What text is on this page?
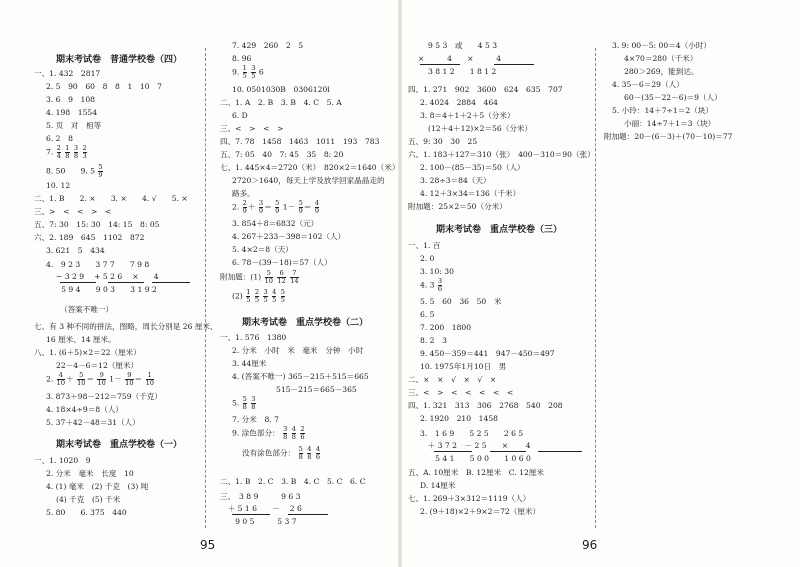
期末考试卷　普通学校卷（四）
一、1. 432　2817
2. 5　90　60　8　8　1　10　7
3. 6　9　108
4. 198　1554
5. 页　对　相等
6. 2　8
7. $\frac{2}{4}$
$\frac{1}{8}$
$\frac{3}{8}$
$\frac{2}{3}$
8. 50　　9. $5 \frac{5}{9}$
10. 12
二、1. B　　2. ×　　3. ×　　4. √　　5. ×
三、>　<　<　>　<
五、7: 30　15: 30　14: 15　8: 05
六、2. 189　645　1102　872
3. 621　5　434
4.　9 2 3　　3 7 7　　7 9 8　　
　 − 3 2 9　 + 5 2 6　 ×　　4
　　5 9 4　　9 0 3　　3 1 9 2
（答案不唯一）
七、有 3 种不同的拼法，图略，周长分别是 26 厘米、
16 厘米、14 厘米。
八、1. (6＋5)×2＝22（厘米）
22－4－6＝12（厘米）
2. $\frac{4}{10} + \frac{5}{10} = \frac{9}{10} 1- \frac{9}{10} = \frac{1}{10}$
3. 873＋98－212＝759（千克）
4. 18×4÷9＝8（人）
5. 37＋42－48＝31（人）
期末考试卷　重点学校卷（一）
一、1. 1020　9
2. 分米　毫米　长度　10
4. (1) 毫米　(2) 千克　(3) 吨
(4) 千克　(5) 千米
5. 80　　6. 375　440
7. 429　260　2　5
8. 96
9. $\frac{1}{5}$
$\frac{3}{5} 6$
10. 0501030B　0306120l
二、1. A　2. B　3. B　4. C　5. A
6. D
三、<　>　<　>
四、7. 78　1458　1463　1011　193　783
五、7: 05　40　7: 45　35　8: 20
七、1. 445×4＝2720（米）　820×2＝1640（米）
2720＞1640，每天上学及放学回家晶晶走的
路多。
2. $\frac{2}{9} + \frac{3}{9} = \frac{5}{9} 1- \frac{5}{9} = \frac{4}{9}$
3. 854＋8＝6832（元）
4. 267＋233－398＝102（人）
5. 4×2＝8（天）
6. 78－(39－18)＝57（人）
附加题：$(1) \frac{5}{10}$
$\frac{6}{12}$
$\frac{7}{14}$
$(2) \frac{1}{5}$
$\frac{2}{5}$
$\frac{3}{5}$
$\frac{4}{5}$
$\frac{5}{5}$
期末考试卷　重点学校卷（二）
一、1. 576　1380
2. 分米　小时　米　毫米　分钟　小时
3. 44厘米
4. (答案不唯一) 365－215＋515＝665
515－215＝665－365
5. $\frac{5}{8}$
$\frac{3}{8}$
7. 分米　8. 7
9. 涂色部分： $\frac{3}{8}$
$\frac{4}{8}$
$\frac{2}{6}$
没有涂色部分： $\frac{5}{8}$
$\frac{4}{8}$
$\frac{4}{6}$
二、1. B　2. C　3. B　4. C　5. C　6. C
三、　3 8 9　　　9 6 3
　＋ 5 1 6　　－　 2 6
　　9 0 5　　　5 3 7
95
　 9 5 3　或　　4 5 3
×　　　4　　×　　　4
　 3 8 1 2　　1 8 1 2
四、1. 271　902　3600　624　635　707
2. 4024　2884　464
3. 8＝4＋1＋2＋5（分米）
(12＋4＋12)×2＝56（分米）
五、9: 30　30　25
六、1. 183＋127＝310（张）　400－310＝90（张）
2. 100－(85－35)＝50（人）
3. 28÷3＝84（天）
4. 12＋3×34＝136（千米）
附加题：25×2＝50（分米）
期末考试卷　重点学校卷（三）
一、1. 百
2. 0
3. 10: 30
4. $3 \frac{3}{6}$
5. 5　60　36　50　米
6. 5
7. 200　1800
8. 2　3
9. 450－359＝441　947－450＝497
10. 1975年1月10日　男
二、×　×　√　×　√　×
三、<　>　<　<　<　<　<
四、1. 321　313　306　2768　540　208
2. 1920　210　1458
3.　1 6 9　　5 2 5　　2 6 5
　＋ 3 7 2　－ 2 5　　×　　 4
　　5 4 1　　5 0 0　　1 0 6 0
五、A. 10厘米　B. 12厘米　C. 12厘米
D. 14厘米
七、1. 269＋3×312＝1119（人）
2. (9＋18)×2＋9×2＝72（厘米）
3. 9: 00－5: 00＝4（小时）
4×70＝280（千米）
280＞269，能到达。
4. 35－6＝29（人）
60－(35－22－6)＝9（人）
5. 小玲：14＋7÷1＝2（块）
小丽：14÷7＋1＝3（块）
附加题：20－(6－3)＋(70－10)＝77
96
